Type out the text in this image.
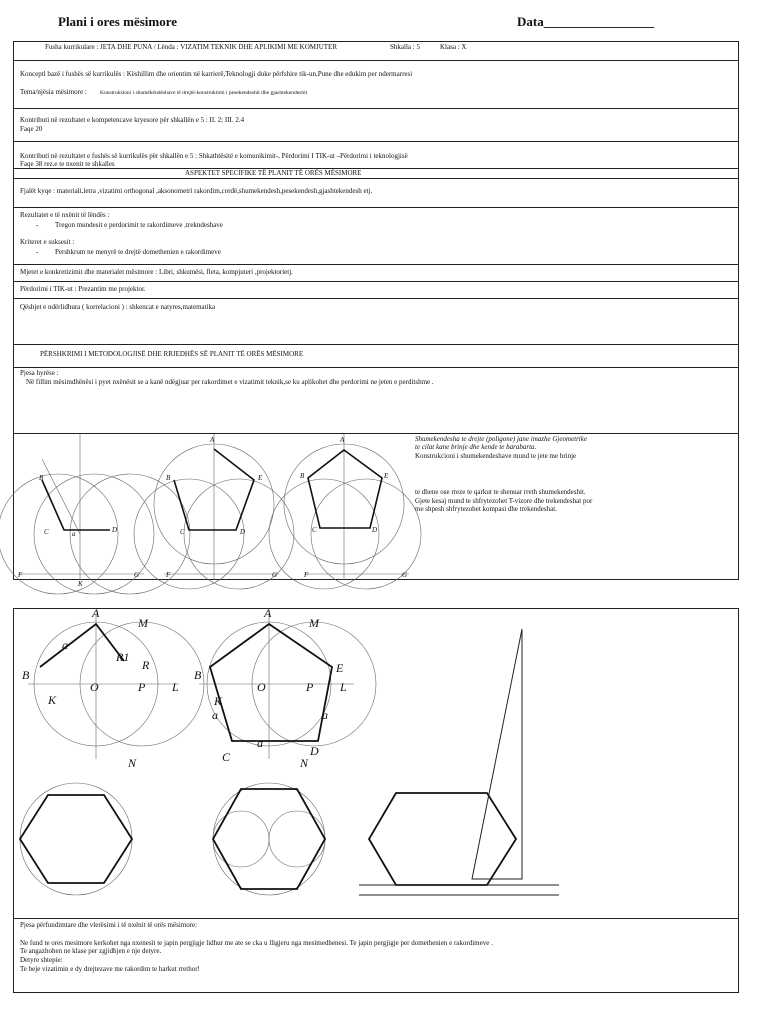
Plani i ores mësimore	Data_________________
Fusha kurrikulare : JETA DHE PUNA / Lënda : VIZATIM TEKNIK DHE APLIKIMI ME KOMJUTER	Shkalla : 5	Klasa : X
Konceptl bazë i fushës së kurrikulës : Këshillim dhe orientim në karrierë,Teknologji duke përfshire tik-un,Pune dhe edukim per ndermarresi
Tema/njësia mësimore : Konstruksioni i shumëkëndëshave të drejtë-konstruktimi i pesekendeshit dhe gjashtekendeshit
Kontributi në rezultatet e kompetencave kryesore për shkallën e 5 : II. 2; III. 2.4
Faqe 20
Kontributi në rezultatet e fushës së kurrikulës për shkallën e 5 : Shkathtësitë e komunikimit-, Përdorimi I TIK-ut –Përdorimi i teknologjisë
Faqe 38 rez.e te nxenit te shkalles
ASPEKTET SPECIFIKE TË PLANIT TË ORËS MËSIMORE
Fjalët kyqe : materiali,letra ,vizatimi orthogonal ,aksonometri rakordim,cordë,shumekendesh,pesekendesh,gjashtekendesh etj.
Rezultatet e të nxënit të lëndës :
- Tregon mundesit e perdorimit te rakordimeve ,trekndeshave
Kriteret e suksesit :
- Pershkrum ne menyrë te drejtë domethenien e rakordimeve
Mjetet e konkretizimit dhe materialet mësimore : Libri, shkumësi, fleta, kompjuteri ,projektorietj.
Përdorimi i TIK-ut : Prezantim me projektor.
Qëshjet e ndërlidhura ( korrelacioni ) : shkencat e natyres,matematika
PËRSHKRIMI I METODOLOGJISË DHE RRJEDHËS SË PLANIT TË ORËS MËSIMORE
Pjesa hyrëse :
Në fillim mësimdhënësi i pyet nxënësit se a kanë ndëgjuar per rakordimet e vizatimit teknik,se ku aplikohet dhe perdorimi ne jeten e perditshme .
Shumekendesha te drejte (poligone) jane imazhe Gjeometrike
te cilat kane brinje dhe kende te barabarta.
Konstrukcioni i shumekendeshave mund te jete me brinje
te dhene ose rreze te qarkut te shenuar rreth shumekendeshit.
Gjete kesaj mund te shfrytezohet T-vizore dhe trekendeshat por
me shpesh shfrytezohet kompasi dhe trekendeshat.
B
C	D
a
F	G
K
B	E
A
C	D
F	G
A
B	E
C	D
F	G
A
M
B
O	P L
K
N
a
R
R1
A
M
B
O	P
E
L
K
C	D
N
a
a	a
Pjesa përfundimtare dhe vlerësimi i të nxënit të orës mësimore:
Ne fund te ores mesimore kerkohet nga nxenesit te japin pergjigje lidhur me ate se cka u lligjeru nga mesimedhenesi. Te japin pergjigje per domethenien e rakordimeve .
Te angazhohen ne klase per zgjidhjen e nje detyre.
Detyre shtepie:
Te beje vizatimin e dy drejtezave me rakordim te harkut rrethor!
